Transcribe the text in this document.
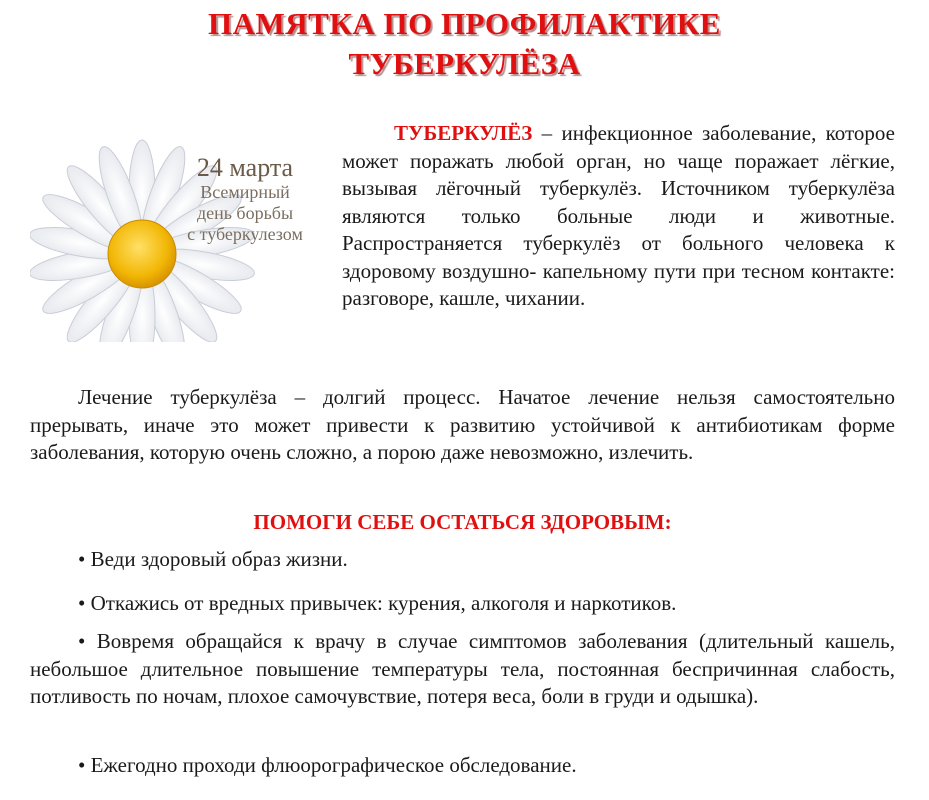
ПАМЯТКА ПО ПРОФИЛАКТИКЕ
ТУБЕРКУЛЁЗА
24 марта
Всемирный
день борьбы
с туберкулезом

ТУБЕРКУЛЁЗ – инфекционное заболевание, которое может поражать любой орган, но чаще поражает лёгкие, вызывая лёгочный туберкулёз. Источником туберкулёза являются только больные люди и животные. Распространяется туберкулёз от больного человека к здоровому воздушно- капельному пути при тесном контакте: разговоре, кашле, чихании.

Лечение туберкулёза – долгий процесс. Начатое лечение нельзя самостоятельно прерывать, иначе это может привести к развитию устойчивой к антибиотикам форме заболевания, которую очень сложно, а порою даже невозможно, излечить.

ПОМОГИ СЕБЕ ОСТАТЬСЯ ЗДОРОВЫМ:

• Веди здоровый образ жизни.

• Откажись от вредных привычек: курения, алкоголя и наркотиков.

• Вовремя обращайся к врачу в случае симптомов заболевания (длительный кашель, небольшое длительное повышение температуры тела, постоянная беспричинная слабость, потливость по ночам, плохое самочувствие, потеря веса, боли в груди и одышка).

• Ежегодно проходи флюорографическое обследование.
